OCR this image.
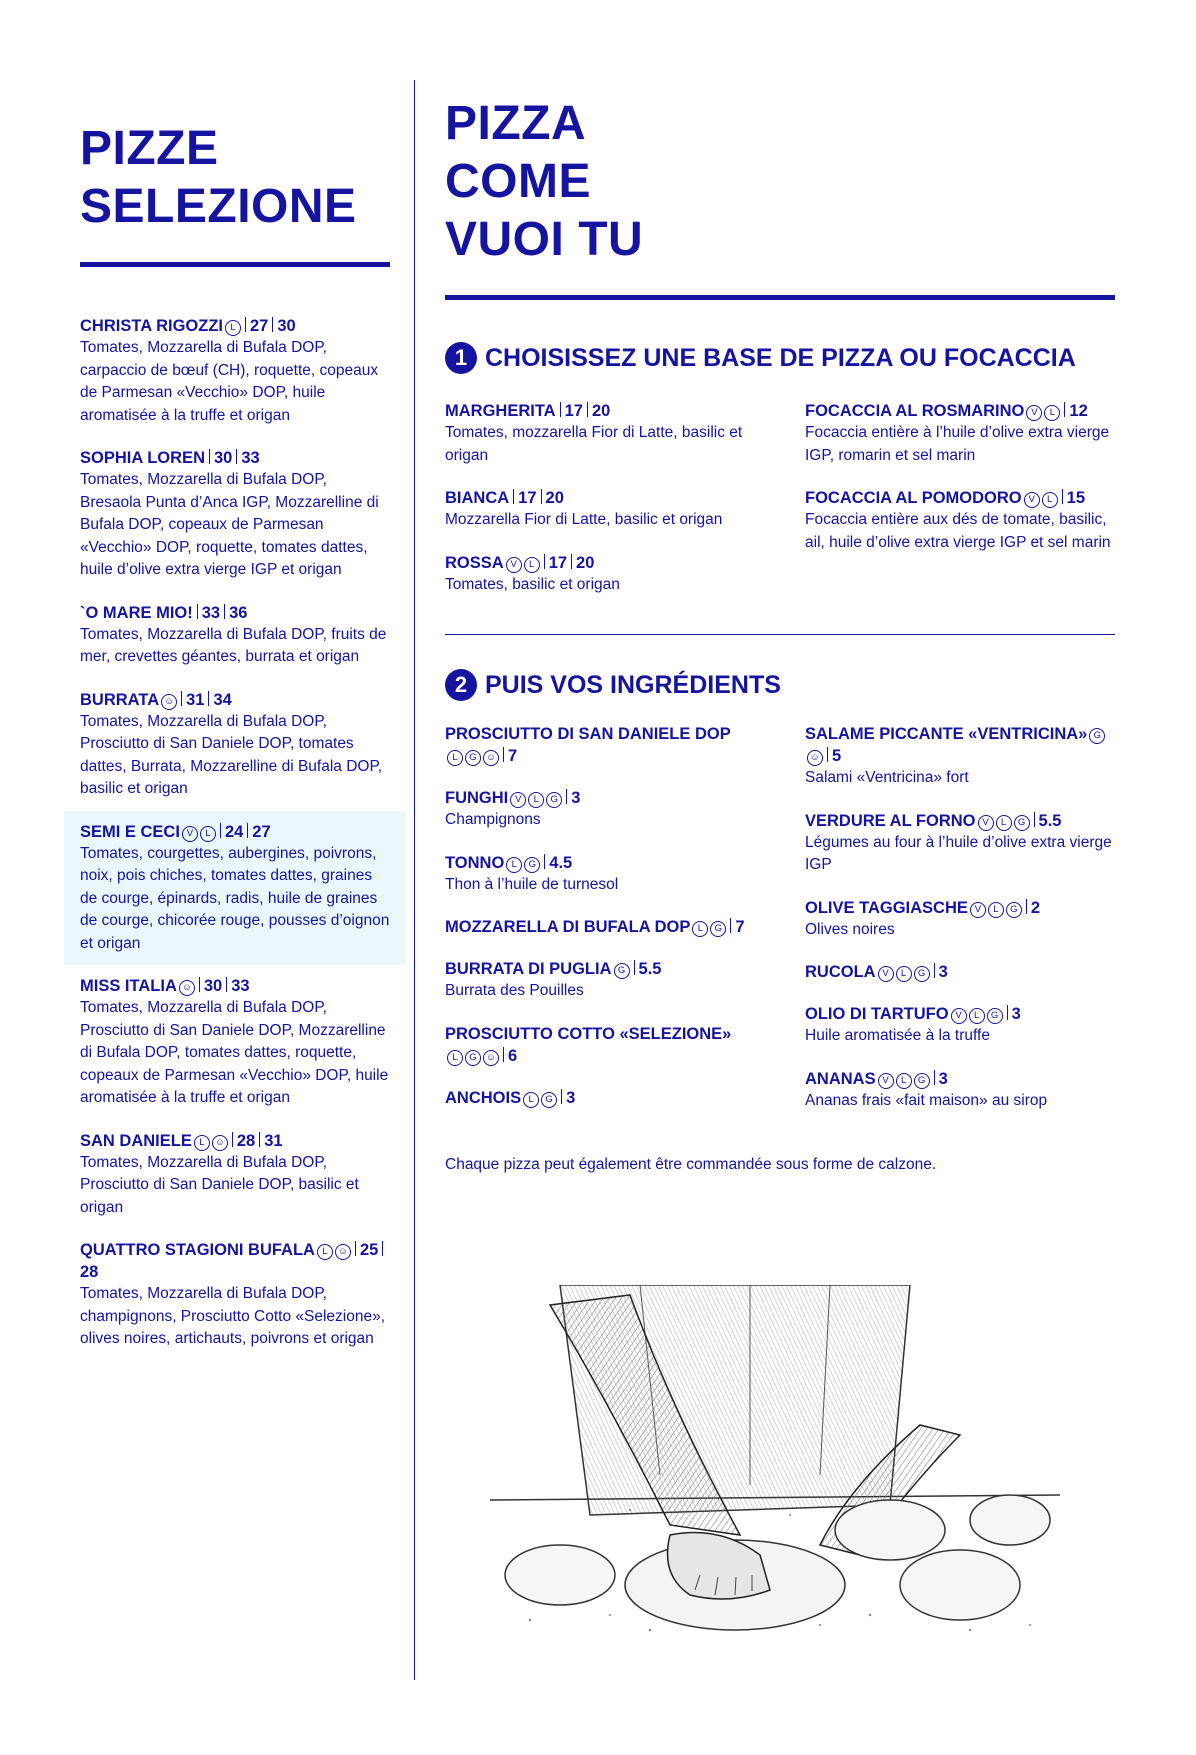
PIZZE
SELEZIONE
CHRISTA RIGOZZI L 27 30
Tomates, Mozzarella di Bufala DOP, carpaccio de bœuf (CH), roquette, copeaux de Parmesan «Vecchio» DOP, huile aromatisée à la truffe et origan
SOPHIA LOREN 30 33
Tomates, Mozzarella di Bufala DOP, Bresaola Punta d’Anca IGP, Mozzarelline di Bufala DOP, copeaux de Parmesan «Vecchio» DOP, roquette, tomates dattes, huile d’olive extra vierge IGP et origan
`O MARE MIO! 33 36
Tomates, Mozzarella di Bufala DOP, fruits de mer, crevettes géantes, burrata et origan
BURRATA ☺ 31 34
Tomates, Mozzarella di Bufala DOP, Prosciutto di San Daniele DOP, tomates dattes, Burrata, Mozzarelline di Bufala DOP, basilic et origan
SEMI E CECI V L 24 27
Tomates, courgettes, aubergines, poivrons, noix, pois chiches, tomates dattes, graines de courge, épinards, radis, huile de graines de courge, chicorée rouge, pousses d’oignon et origan
MISS ITALIA ☺ 30 33
Tomates, Mozzarella di Bufala DOP, Prosciutto di San Daniele DOP, Mozzarelline di Bufala DOP, tomates dattes, roquette, copeaux de Parmesan «Vecchio» DOP, huile aromatisée à la truffe et origan
SAN DANIELE L ☺ 28 31
Tomates, Mozzarella di Bufala DOP, Prosciutto di San Daniele DOP, basilic et origan
QUATTRO STAGIONI BUFALA L ☺ 2528
Tomates, Mozzarella di Bufala DOP, champignons, Prosciutto Cotto «Selezione», olives noires, artichauts, poivrons et origan
PIZZA
COME
VUOI TU
1 CHOISISSEZ UNE BASE DE PIZZA OU FOCACCIA
MARGHERITA 17 20
Tomates, mozzarella Fior di Latte, basilic et origan
BIANCA 17 20
Mozzarella Fior di Latte, basilic et origan
ROSSA V L 17 20
Tomates, basilic et origan
FOCACCIA AL ROSMARINO V L 12
Focaccia entière à l’huile d’olive extra vierge IGP, romarin et sel marin
FOCACCIA AL POMODORO V L 15
Focaccia entière aux dés de tomate, basilic, ail, huile d’olive extra vierge IGP et sel marin
2 PUIS VOS INGRÉDIENTS
PROSCIUTTO DI SAN DANIELE DOPL G ☺ 7
FUNGHI V L G 3
Champignons
TONNO L G 4.5
Thon à l’huile de turnesol
MOZZARELLA DI BUFALA DOP L G 7
BURRATA DI PUGLIA G 5.5
Burrata des Pouilles
PROSCIUTTO COTTO «SELEZIONE»L G ☺ 6
ANCHOIS L G 3
SALAME PICCANTE «VENTRICINA» G☺ 5
Salami «Ventricina» fort
VERDURE AL FORNO V L G 5.5
Légumes au four à l’huile d’olive extra vierge IGP
OLIVE TAGGIASCHE V L G 2
Olives noires
RUCOLA V L G 3
OLIO DI TARTUFO V L G 3
Huile aromatisée à la truffe
ANANAS V L G 3
Ananas frais «fait maison» au sirop
Chaque pizza peut également être commandée sous forme de calzone.
